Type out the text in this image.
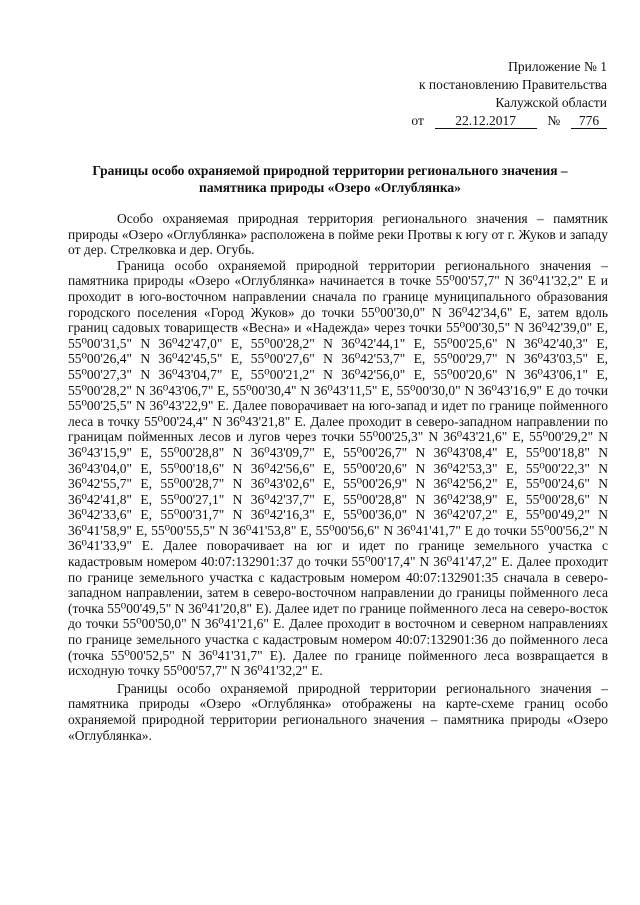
Приложение № 1
к постановлению Правительства
Калужской области
от 22.12.2017 № 776
Границы особо охраняемой природной территории регионального значения –
памятника природы «Озеро «Оглублянка»

Особо охраняемая природная территория регионального значения – памятник природы «Озеро «Оглублянка» расположена в пойме реки Протвы к югу от г. Жуков и западу от дер. Стрелковка и дер. Огубь.

Граница особо охраняемой природной территории регионального значения – памятника природы «Озеро «Оглублянка» начинается в точке 55⁰00'57,7" N 36⁰41'32,2" E и проходит в юго-восточном направлении сначала по границе муниципального образования городского поселения «Город Жуков» до точки 55⁰00'30,0" N 36⁰42'34,6" E, затем вдоль границ садовых товариществ «Весна» и «Надежда» через точки 55⁰00'30,5" N 36⁰42'39,0" E, 55⁰00'31,5" N 36⁰42'47,0" E, 55⁰00'28,2" N 36⁰42'44,1" E, 55⁰00'25,6" N 36⁰42'40,3" E, 55⁰00'26,4" N 36⁰42'45,5" E, 55⁰00'27,6" N 36⁰42'53,7" E, 55⁰00'29,7" N 36⁰43'03,5" E, 55⁰00'27,3" N 36⁰43'04,7" E, 55⁰00'21,2" N 36⁰42'56,0" E, 55⁰00'20,6" N 36⁰43'06,1" E, 55⁰00'28,2" N 36⁰43'06,7" E, 55⁰00'30,4" N 36⁰43'11,5" E, 55⁰00'30,0" N 36⁰43'16,9" E до точки 55⁰00'25,5" N 36⁰43'22,9" E. Далее поворачивает на юго-запад и идет по границе пойменного леса в точку 55⁰00'24,4" N 36⁰43'21,8" E. Далее проходит в северо-западном направлении по границам пойменных лесов и лугов через точки 55⁰00'25,3" N 36⁰43'21,6" E, 55⁰00'29,2" N 36⁰43'15,9" E, 55⁰00'28,8" N 36⁰43'09,7" E, 55⁰00'26,7" N 36⁰43'08,4" E, 55⁰00'18,8" N 36⁰43'04,0" E, 55⁰00'18,6" N 36⁰42'56,6" E, 55⁰00'20,6" N 36⁰42'53,3" E, 55⁰00'22,3" N 36⁰42'55,7" E, 55⁰00'28,7" N 36⁰43'02,6" E, 55⁰00'26,9" N 36⁰42'56,2" E, 55⁰00'24,6" N 36⁰42'41,8" E, 55⁰00'27,1" N 36⁰42'37,7" E, 55⁰00'28,8" N 36⁰42'38,9" E, 55⁰00'28,6" N 36⁰42'33,6" E, 55⁰00'31,7" N 36⁰42'16,3" E, 55⁰00'36,0" N 36⁰42'07,2" E, 55⁰00'49,2" N 36⁰41'58,9" E, 55⁰00'55,5" N 36⁰41'53,8" E, 55⁰00'56,6" N 36⁰41'41,7" E до точки 55⁰00'56,2" N 36⁰41'33,9" E. Далее поворачивает на юг и идет по границе земельного участка с кадастровым номером 40:07:132901:37 до точки 55⁰00'17,4" N 36⁰41'47,2" E. Далее проходит по границе земельного участка с кадастровым номером 40:07:132901:35 сначала в северо-западном направлении, затем в северо-восточном направлении до границы пойменного леса (точка 55⁰00'49,5" N 36⁰41'20,8" E). Далее идет по границе пойменного леса на северо-восток до точки 55⁰00'50,0" N 36⁰41'21,6" E. Далее проходит в восточном и северном направлениях по границе земельного участка с кадастровым номером 40:07:132901:36 до пойменного леса (точка 55⁰00'52,5" N 36⁰41'31,7" E). Далее по границе пойменного леса возвращается в исходную точку 55⁰00'57,7" N 36⁰41'32,2" E.

Границы особо охраняемой природной территории регионального значения – памятника природы «Озеро «Оглублянка» отображены на карте-схеме границ особо охраняемой природной территории регионального значения – памятника природы «Озеро «Оглублянка».
